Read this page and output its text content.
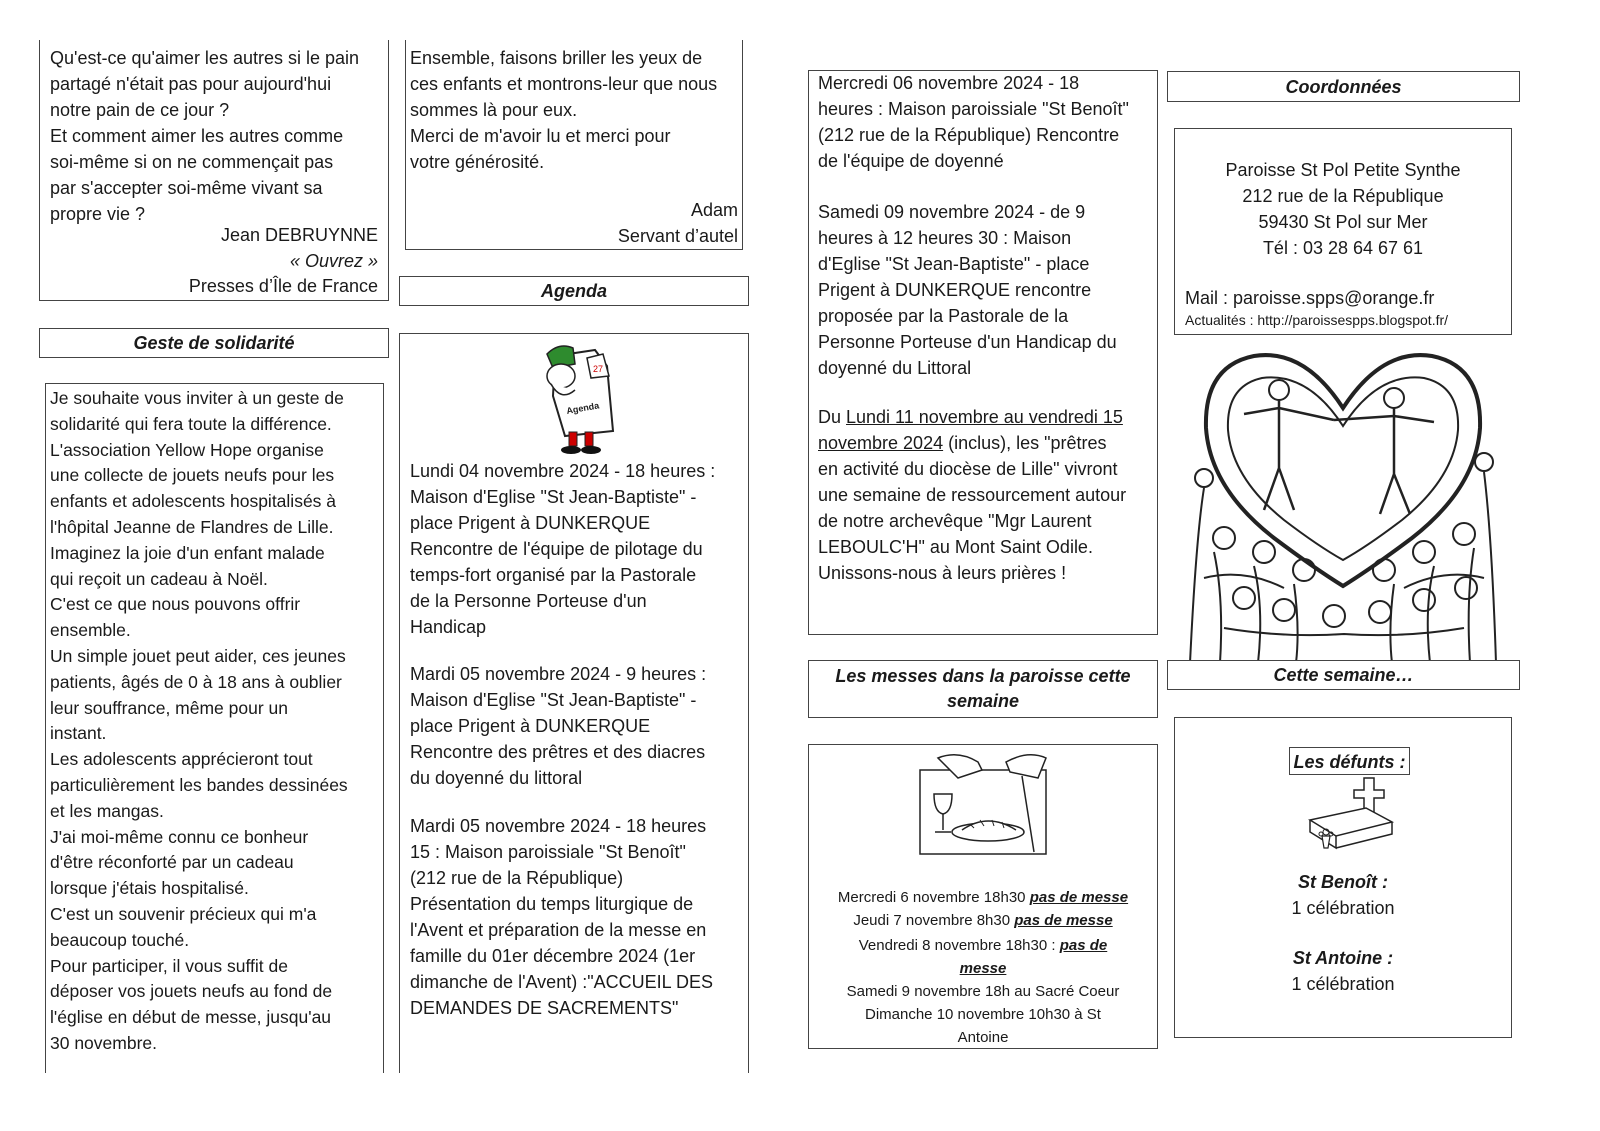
Qu'est-ce qu'aimer les autres si le pain
partagé n'était pas pour aujourd'hui
notre pain de ce jour ?
Et comment aimer les autres comme
soi-même si on ne commençait pas
par s'accepter soi-même vivant sa
propre vie ?
Jean DEBRUYNNE
« Ouvrez »
Presses d’Île de France
Geste de solidarité
Je souhaite vous inviter à un geste de
solidarité qui fera toute la différence.
L'association Yellow Hope organise
une collecte de jouets neufs pour les
enfants et adolescents hospitalisés à
l'hôpital Jeanne de Flandres de Lille.
Imaginez la joie d'un enfant malade
qui reçoit un cadeau à Noël.
C'est ce que nous pouvons offrir
ensemble.
Un simple jouet peut aider, ces jeunes
patients, âgés de 0 à 18 ans à oublier
leur souffrance, même pour un
instant.
Les adolescents apprécieront tout
particulièrement les bandes dessinées
et les mangas.
J'ai moi-même connu ce bonheur
d'être réconforté par un cadeau
lorsque j'étais hospitalisé.
C'est un souvenir précieux qui m'a
beaucoup touché.
Pour participer, il vous suffit de
déposer vos jouets neufs au fond de
l'église en début de messe, jusqu'au
30 novembre.
Ensemble, faisons briller les yeux de
ces enfants et montrons-leur que nous
sommes là pour eux.
Merci de m'avoir lu et merci pour
votre générosité.
Adam
Servant d’autel
Agenda
27
Agenda
Lundi 04 novembre 2024 - 18 heures :
Maison d'Eglise "St Jean-Baptiste" -
place Prigent à DUNKERQUE
Rencontre de l'équipe de pilotage du
temps-fort organisé par la Pastorale
de la Personne Porteuse d'un
Handicap
Mardi 05 novembre 2024 - 9 heures :
Maison d'Eglise "St Jean-Baptiste" -
place Prigent à DUNKERQUE
Rencontre des prêtres et des diacres
du doyenné du littoral
Mardi 05 novembre 2024 - 18 heures
15 : Maison paroissiale "St Benoît"
(212 rue de la République)
Présentation du temps liturgique de
l'Avent et préparation de la messe en
famille du 01er décembre 2024 (1er
dimanche de l'Avent) :"ACCUEIL DES
DEMANDES DE SACREMENTS"
Mercredi 06 novembre 2024 - 18
heures : Maison paroissiale "St Benoît"
(212 rue de la République) Rencontre
de l'équipe de doyenné
Samedi 09 novembre 2024 - de 9
heures à 12 heures 30 : Maison
d'Eglise "St Jean-Baptiste" - place
Prigent à DUNKERQUE rencontre
proposée par la Pastorale de la
Personne Porteuse d'un Handicap du
doyenné du Littoral
Du Lundi 11 novembre au vendredi 15
novembre 2024 (inclus), les "prêtres
en activité du diocèse de Lille" vivront
une semaine de ressourcement autour
de notre archevêque "Mgr Laurent
LEBOULC'H" au Mont Saint Odile.
Unissons-nous à leurs prières !
Les messes dans la paroisse cette
semaine
Mercredi 6 novembre 18h30 pas de messe
Jeudi 7 novembre 8h30 pas de messe
Vendredi 8 novembre 18h30 : pas de
messe
Samedi 9 novembre 18h au Sacré Coeur
Dimanche 10 novembre 10h30 à St
Antoine
Coordonnées
Paroisse St Pol Petite Synthe
212 rue de la République
59430 St Pol sur Mer
Tél : 03 28 64 67 61
Mail : paroisse.spps@orange.fr
Actualités : http://paroissespps.blogspot.fr/
Cette semaine…
Les défunts :
St Benoît :
1 célébration
St Antoine :
1 célébration
